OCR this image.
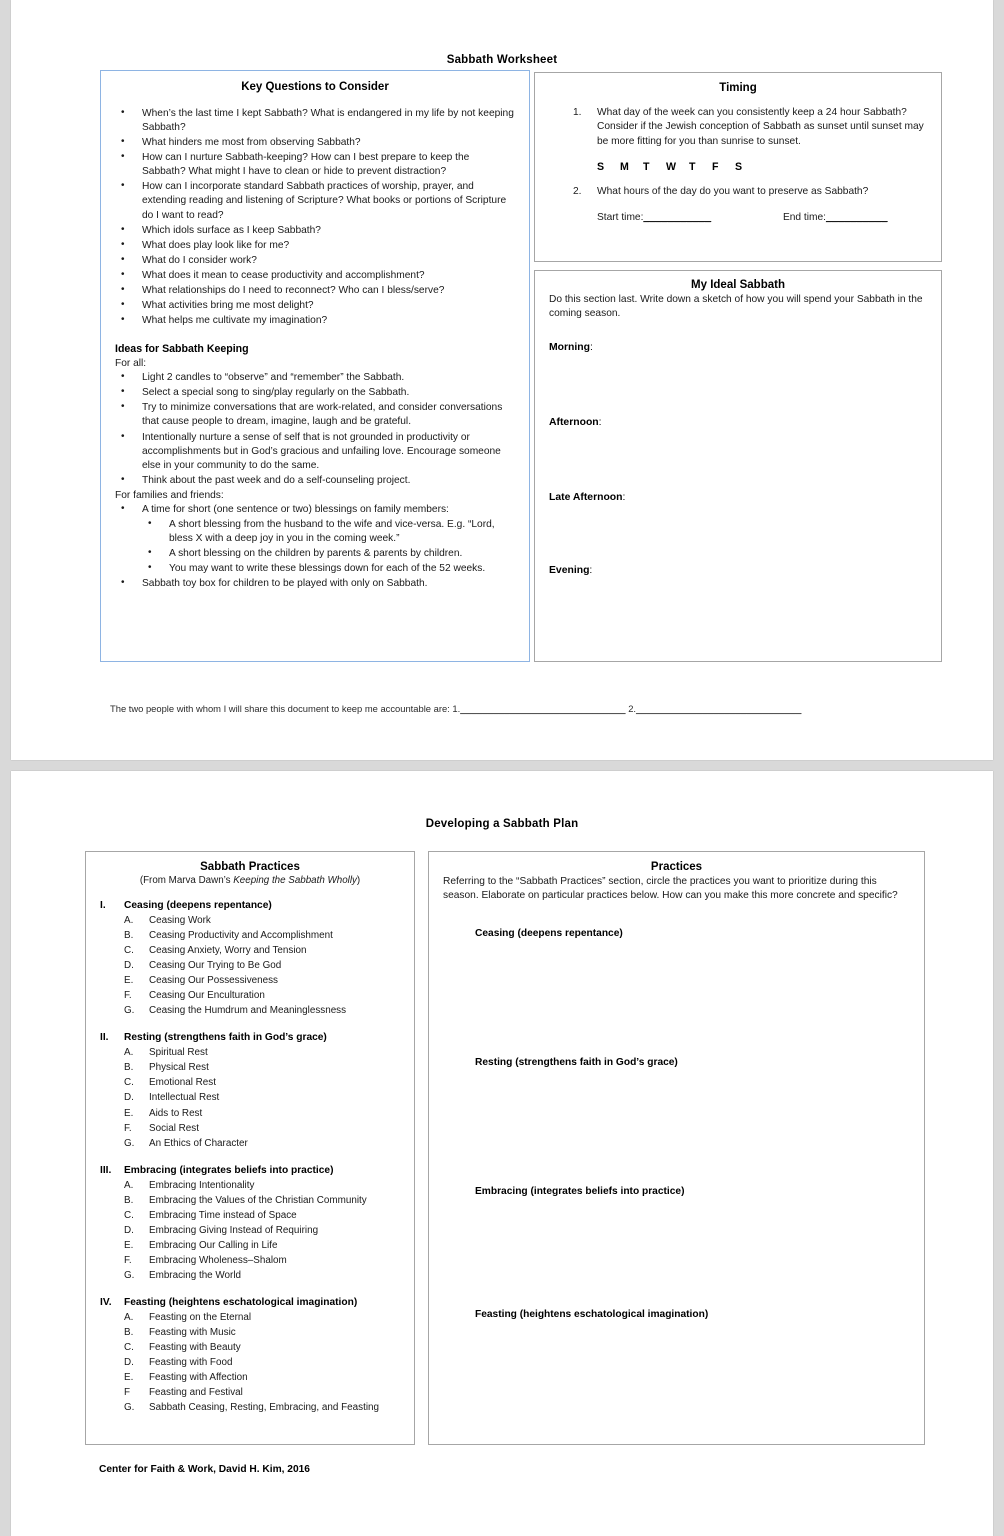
Sabbath Worksheet
Key Questions to Consider
• When’s the last time I kept Sabbath? What is endangered in my life by not keeping Sabbath?
• What hinders me most from observing Sabbath?
• How can I nurture Sabbath-keeping? How can I best prepare to keep the Sabbath? What might I have to clean or hide to prevent distraction?
• How can I incorporate standard Sabbath practices of worship, prayer, and extending reading and listening of Scripture? What books or portions of Scripture do I want to read?
• Which idols surface as I keep Sabbath?
• What does play look like for me?
• What do I consider work?
• What does it mean to cease productivity and accomplishment?
• What relationships do I need to reconnect? Who can I bless/serve?
• What activities bring me most delight?
• What helps me cultivate my imagination?
Ideas for Sabbath Keeping

For all:

• Light 2 candles to “observe” and “remember” the Sabbath.
• Select a special song to sing/play regularly on the Sabbath.
• Try to minimize conversations that are work-related, and consider conversations that cause people to dream, imagine, laugh and be grateful.
• Intentionally nurture a sense of self that is not grounded in productivity or accomplishments but in God’s gracious and unfailing love. Encourage someone else in your community to do the same.
• Think about the past week and do a self-counseling project.

For families and friends:

• A time for short (one sentence or two) blessings on family members:
• A short blessing from the husband to the wife and vice-versa. E.g. “Lord, bless X with a deep joy in you in the coming week.”
• A short blessing on the children by parents & parents by children.
• You may want to write these blessings down for each of the 52 weeks.
• Sabbath toy box for children to be played with only on Sabbath.
Timing
What day of the week can you consistently keep a 24 hour Sabbath? Consider if the Jewish conception of Sabbath as sunset until sunset may be more fitting for you than sunrise to sunset.
S M T W T F S
What hours of the day do you want to preserve as Sabbath?
Start time:___________	End time:__________
My Ideal Sabbath

Do this section last. Write down a sketch of how you will spend your Sabbath in the coming season.

Morning:
Afternoon:
Late Afternoon:
Evening:
The two people with whom I will share this document to keep me accountable are: 1.______________________________ 2.______________________________
Developing a Sabbath Plan
Sabbath Practices
(From Marva Dawn’s Keeping the Sabbath Wholly)
I. Ceasing (deepens repentance)
A. Ceasing Work
B. Ceasing Productivity and Accomplishment
C. Ceasing Anxiety, Worry and Tension
D. Ceasing Our Trying to Be God
E. Ceasing Our Possessiveness
F. Ceasing Our Enculturation
G. Ceasing the Humdrum and Meaninglessness
II. Resting (strengthens faith in God’s grace)
A. Spiritual Rest
B. Physical Rest
C. Emotional Rest
D. Intellectual Rest
E. Aids to Rest
F. Social Rest
G. An Ethics of Character
III. Embracing (integrates beliefs into practice)
A. Embracing Intentionality
B. Embracing the Values of the Christian Community
C. Embracing Time instead of Space
D. Embracing Giving Instead of Requiring
E. Embracing Our Calling in Life
F. Embracing Wholeness–Shalom
G. Embracing the World
IV. Feasting (heightens eschatological imagination)
A. Feasting on the Eternal
B. Feasting with Music
C. Feasting with Beauty
D. Feasting with Food
E. Feasting with Affection
F Feasting and Festival
G. Sabbath Ceasing, Resting, Embracing, and Feasting
Practices

Referring to the “Sabbath Practices” section, circle the practices you want to prioritize during this season. Elaborate on particular practices below. How can you make this more concrete and specific?

Ceasing (deepens repentance)
Resting (strengthens faith in God’s grace)
Embracing (integrates beliefs into practice)
Feasting (heightens eschatological imagination)
Center for Faith & Work, David H. Kim, 2016
